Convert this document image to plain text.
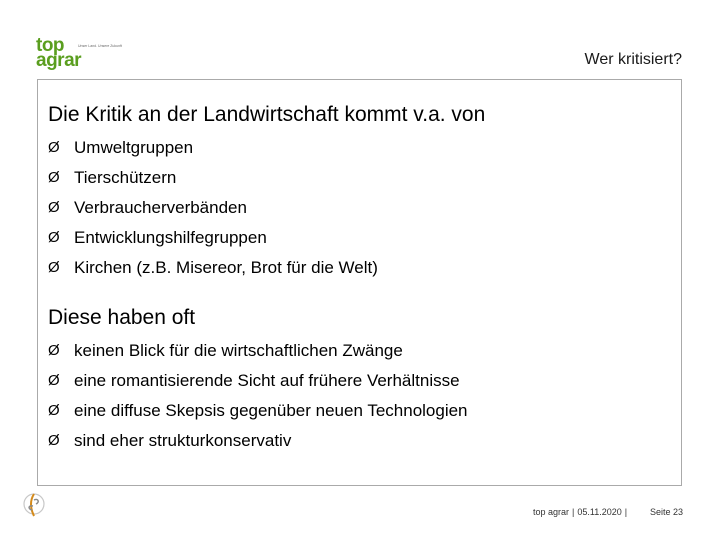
top	Unser Land. Unsere Zukunft
agrar	Wer kritisiert?
Die Kritik an der Landwirtschaft kommt v.a. von
Ø Umweltgruppen
Ø Tierschützern
Ø Verbraucherverbänden
Ø Entwicklungshilfegruppen
Ø Kirchen (z.B. Misereor, Brot für die Welt)
Diese haben oft
Ø keinen Blick für die wirtschaftlichen Zwänge
Ø eine romantisierende Sicht auf frühere Verhältnisse
Ø eine diffuse Skepsis gegenüber neuen Technologien
Ø sind eher strukturkonservativ
top agrar | 05.11.2020 |	Seite 23
